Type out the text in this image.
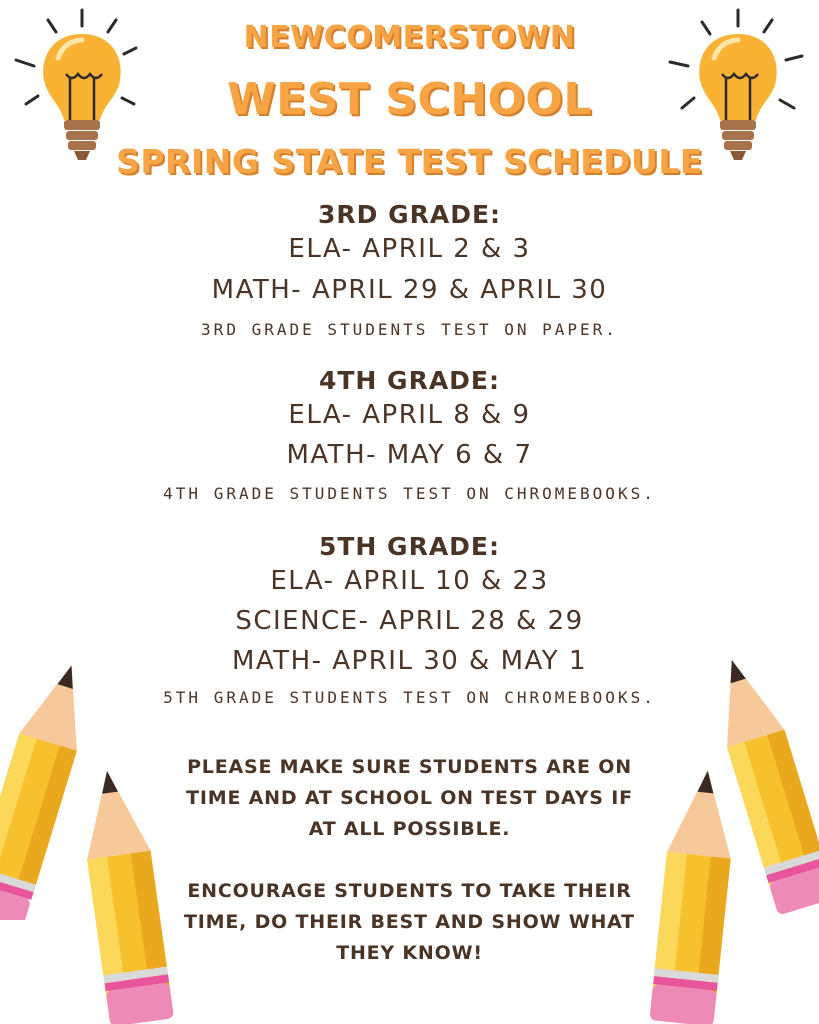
NEWCOMERSTOWN
WEST SCHOOL
SPRING STATE TEST SCHEDULE
3RD GRADE:
ELA- APRIL 2 & 3
MATH- APRIL 29 & APRIL 30
3RD GRADE STUDENTS TEST ON PAPER.
4TH GRADE:
ELA- APRIL 8 & 9
MATH- MAY 6 & 7
4TH GRADE STUDENTS TEST ON CHROMEBOOKS.
5TH GRADE:
ELA- APRIL 10 & 23
SCIENCE- APRIL 28 & 29
MATH- APRIL 30 & MAY 1
5TH GRADE STUDENTS TEST ON CHROMEBOOKS.
PLEASE MAKE SURE STUDENTS ARE ON
TIME AND AT SCHOOL ON TEST DAYS IF
AT ALL POSSIBLE.
ENCOURAGE STUDENTS TO TAKE THEIR
TIME, DO THEIR BEST AND SHOW WHAT
THEY KNOW!
